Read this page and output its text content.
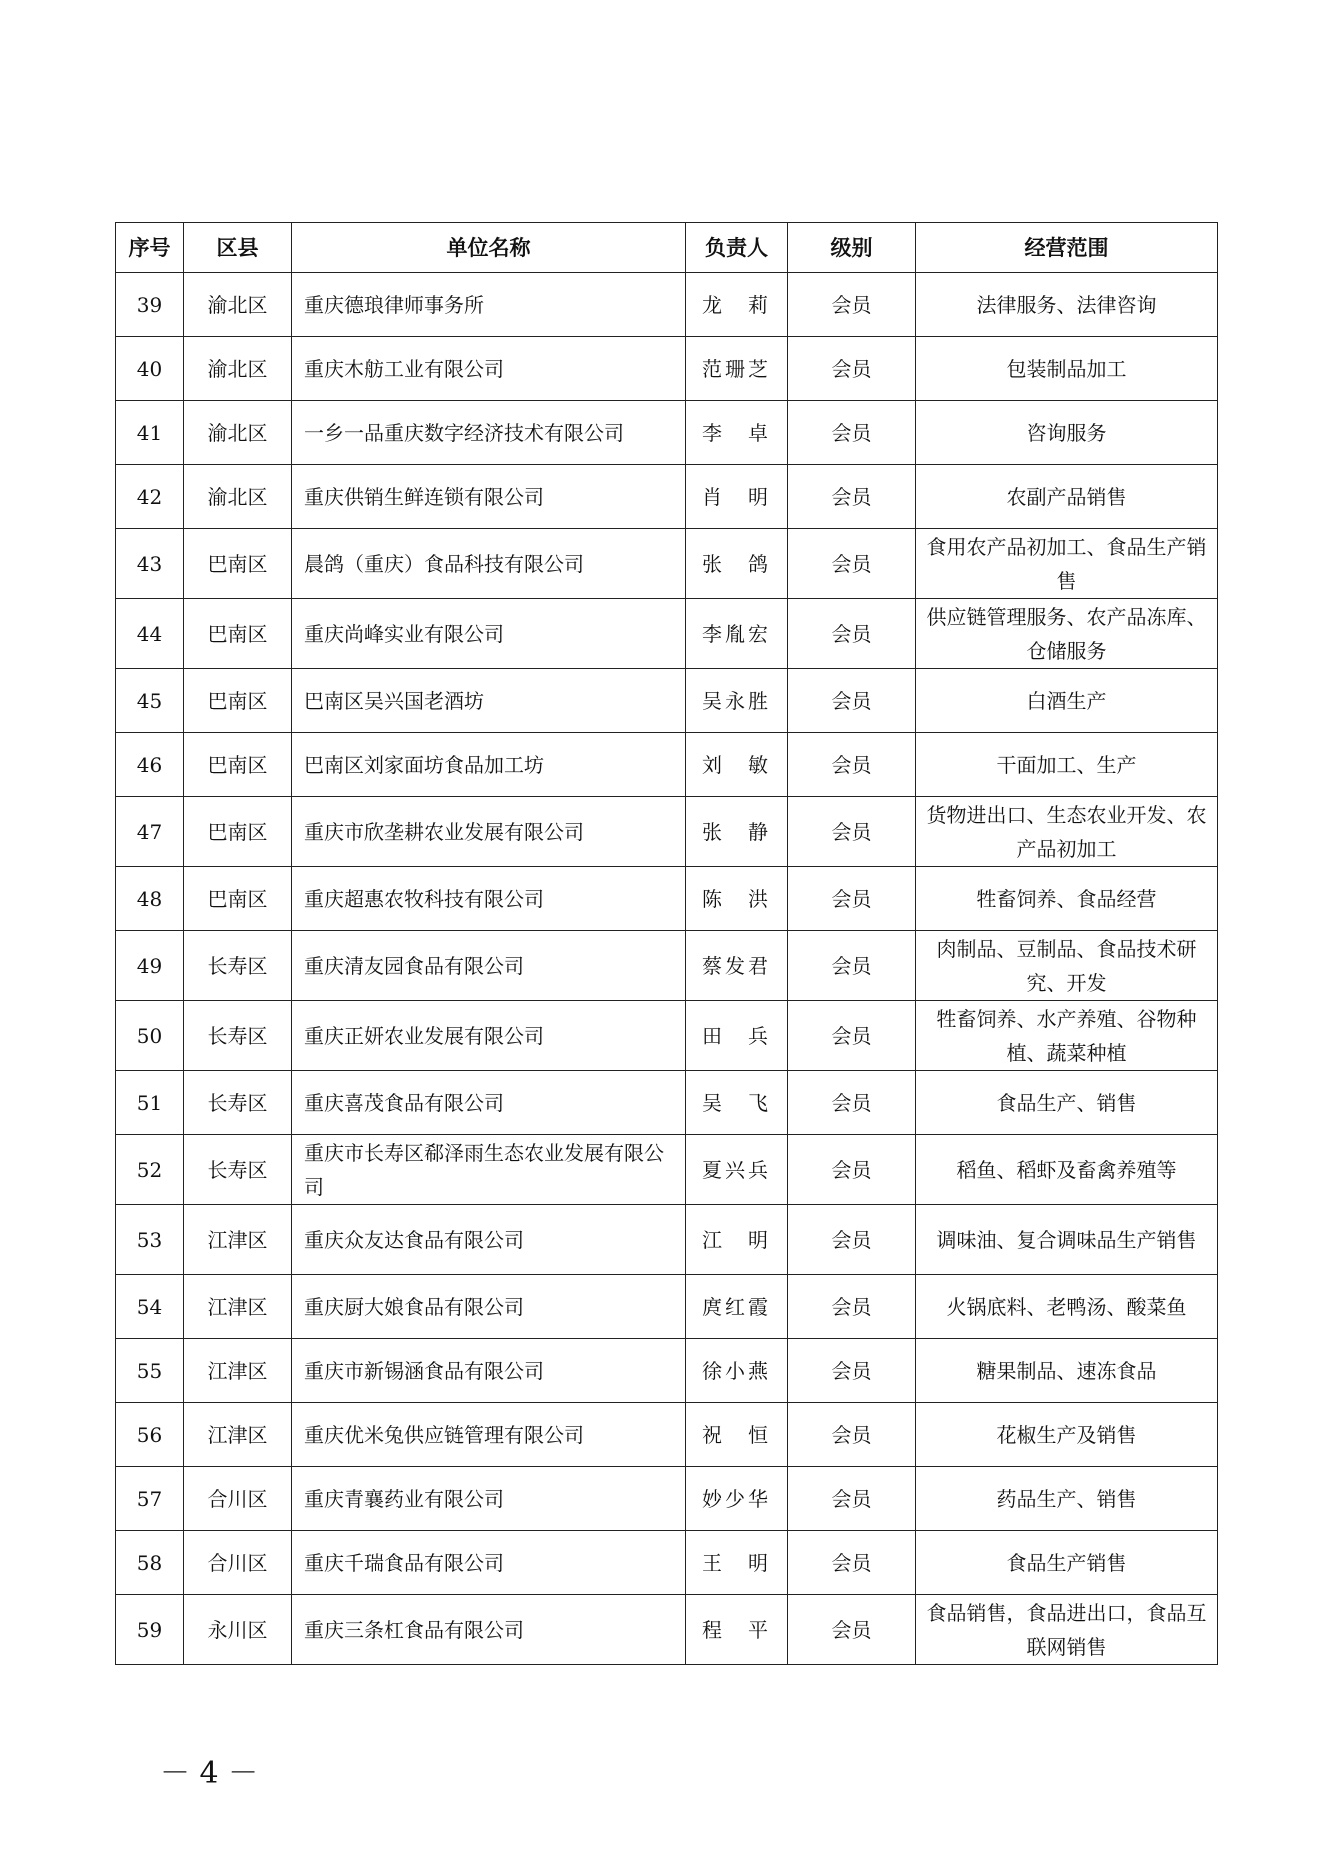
序号	区县	单位名称	负责人	级别	经营范围
39	渝北区	重庆德琅律师事务所	龙　莉	会员	法律服务、法律咨询
40	渝北区	重庆木舫工业有限公司	范珊芝	会员	包装制品加工
41	渝北区	一乡一品重庆数字经济技术有限公司	李　卓	会员	咨询服务
42	渝北区	重庆供销生鲜连锁有限公司	肖　明	会员	农副产品销售
43	巴南区	晨鸽（重庆）食品科技有限公司	张　鸽	会员	食用农产品初加工、食品生产销售
44	巴南区	重庆尚峰实业有限公司	李胤宏	会员	供应链管理服务、农产品冻库、仓储服务
45	巴南区	巴南区吴兴国老酒坊	吴永胜	会员	白酒生产
46	巴南区	巴南区刘家面坊食品加工坊	刘　敏	会员	干面加工、生产
47	巴南区	重庆市欣垄耕农业发展有限公司	张　静	会员	货物进出口、生态农业开发、农产品初加工
48	巴南区	重庆超惠农牧科技有限公司	陈　洪	会员	牲畜饲养、食品经营
49	长寿区	重庆清友园食品有限公司	蔡发君	会员	肉制品、豆制品、食品技术研究、开发
50	长寿区	重庆正妍农业发展有限公司	田　兵	会员	牲畜饲养、水产养殖、谷物种植、蔬菜种植
51	长寿区	重庆喜茂食品有限公司	吴　飞	会员	食品生产、销售
52	长寿区	重庆市长寿区郗泽雨生态农业发展有限公司	夏兴兵	会员	稻鱼、稻虾及畜禽养殖等
53	江津区	重庆众友达食品有限公司	江　明	会员	调味油、复合调味品生产销售
54	江津区	重庆厨大娘食品有限公司	庹红霞	会员	火锅底料、老鸭汤、酸菜鱼
55	江津区	重庆市新锡涵食品有限公司	徐小燕	会员	糖果制品、速冻食品
56	江津区	重庆优米兔供应链管理有限公司	祝　恒	会员	花椒生产及销售
57	合川区	重庆青襄药业有限公司	妙少华	会员	药品生产、销售
58	合川区	重庆千瑞食品有限公司	王　明	会员	食品生产销售
59	永川区	重庆三条杠食品有限公司	程　平	会员	食品销售，食品进出口，食品互联网销售
－ 4 －
